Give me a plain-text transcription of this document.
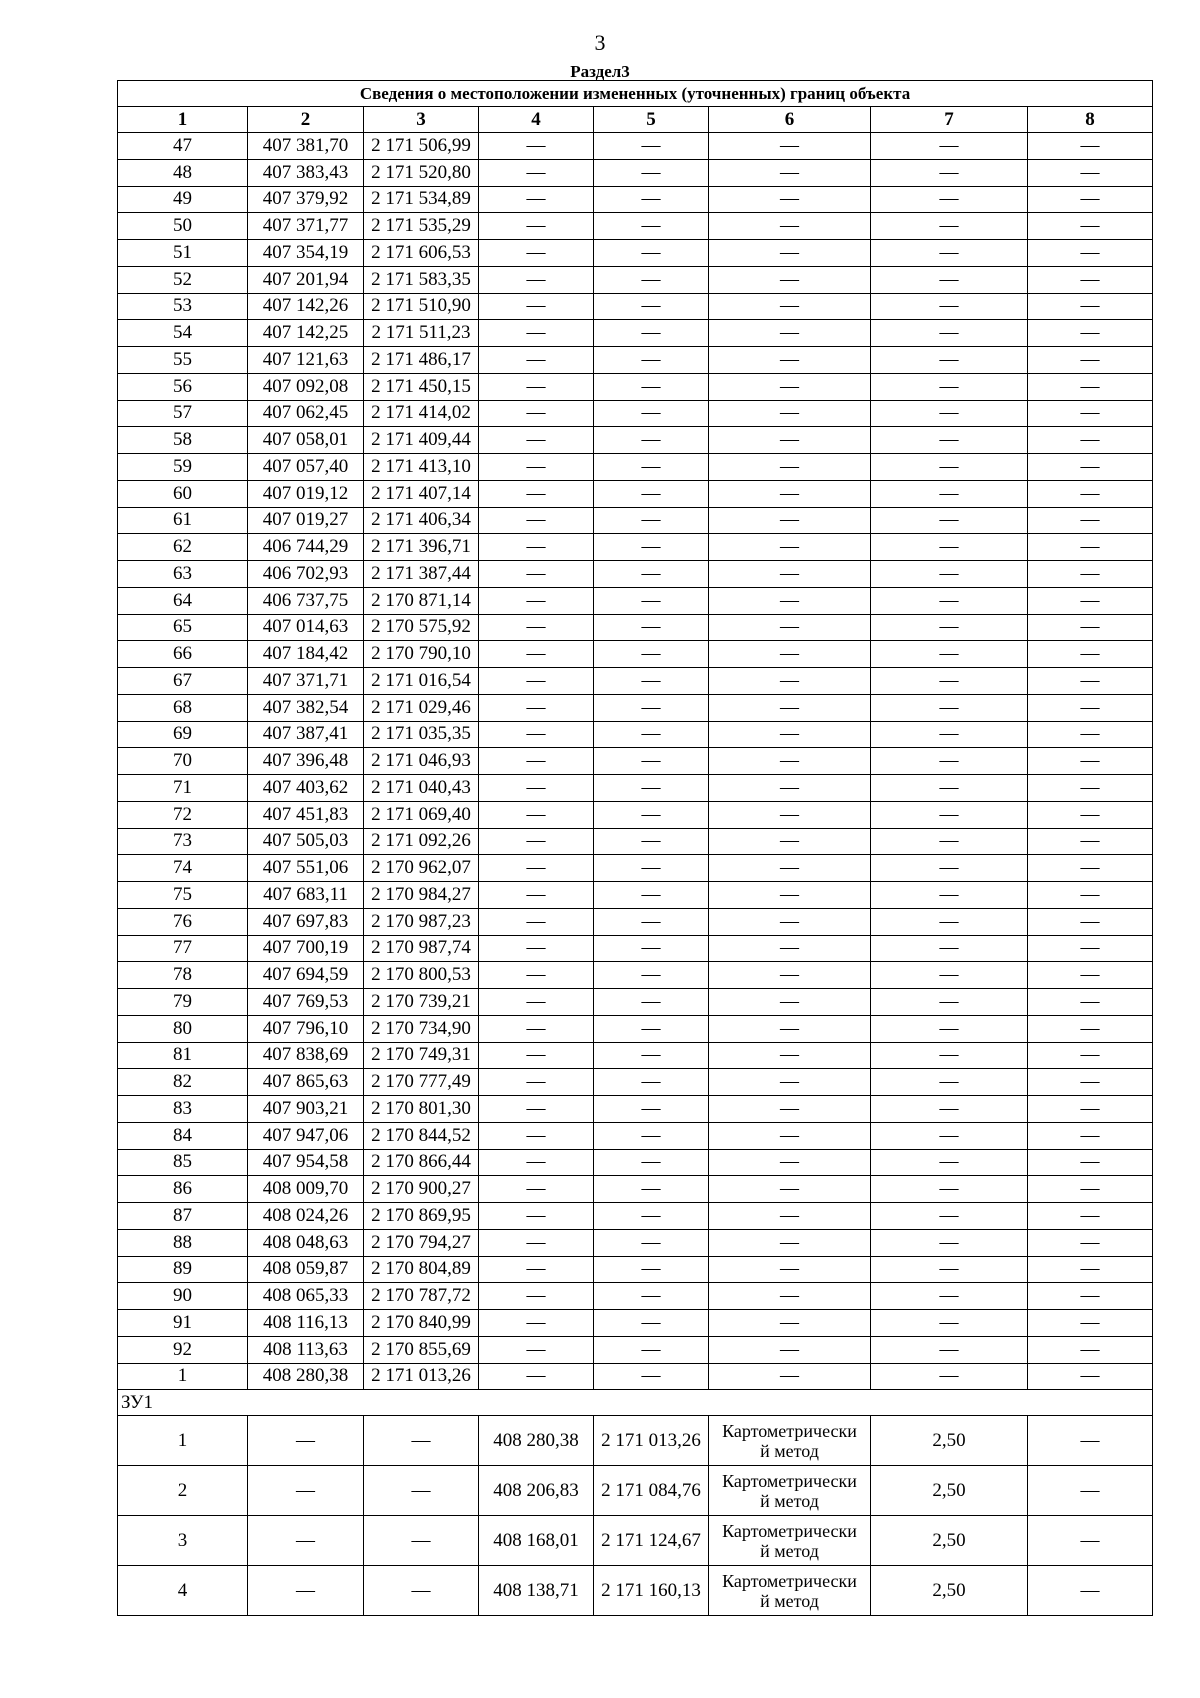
3
Раздел3
Сведения о местоположении измененных (уточненных) границ объекта							
1	2	3	4	5	6	7	8
47	407 381,70	2 171 506,99	—	—	—	—	—
48	407 383,43	2 171 520,80	—	—	—	—	—
49	407 379,92	2 171 534,89	—	—	—	—	—
50	407 371,77	2 171 535,29	—	—	—	—	—
51	407 354,19	2 171 606,53	—	—	—	—	—
52	407 201,94	2 171 583,35	—	—	—	—	—
53	407 142,26	2 171 510,90	—	—	—	—	—
54	407 142,25	2 171 511,23	—	—	—	—	—
55	407 121,63	2 171 486,17	—	—	—	—	—
56	407 092,08	2 171 450,15	—	—	—	—	—
57	407 062,45	2 171 414,02	—	—	—	—	—
58	407 058,01	2 171 409,44	—	—	—	—	—
59	407 057,40	2 171 413,10	—	—	—	—	—
60	407 019,12	2 171 407,14	—	—	—	—	—
61	407 019,27	2 171 406,34	—	—	—	—	—
62	406 744,29	2 171 396,71	—	—	—	—	—
63	406 702,93	2 171 387,44	—	—	—	—	—
64	406 737,75	2 170 871,14	—	—	—	—	—
65	407 014,63	2 170 575,92	—	—	—	—	—
66	407 184,42	2 170 790,10	—	—	—	—	—
67	407 371,71	2 171 016,54	—	—	—	—	—
68	407 382,54	2 171 029,46	—	—	—	—	—
69	407 387,41	2 171 035,35	—	—	—	—	—
70	407 396,48	2 171 046,93	—	—	—	—	—
71	407 403,62	2 171 040,43	—	—	—	—	—
72	407 451,83	2 171 069,40	—	—	—	—	—
73	407 505,03	2 171 092,26	—	—	—	—	—
74	407 551,06	2 170 962,07	—	—	—	—	—
75	407 683,11	2 170 984,27	—	—	—	—	—
76	407 697,83	2 170 987,23	—	—	—	—	—
77	407 700,19	2 170 987,74	—	—	—	—	—
78	407 694,59	2 170 800,53	—	—	—	—	—
79	407 769,53	2 170 739,21	—	—	—	—	—
80	407 796,10	2 170 734,90	—	—	—	—	—
81	407 838,69	2 170 749,31	—	—	—	—	—
82	407 865,63	2 170 777,49	—	—	—	—	—
83	407 903,21	2 170 801,30	—	—	—	—	—
84	407 947,06	2 170 844,52	—	—	—	—	—
85	407 954,58	2 170 866,44	—	—	—	—	—
86	408 009,70	2 170 900,27	—	—	—	—	—
87	408 024,26	2 170 869,95	—	—	—	—	—
88	408 048,63	2 170 794,27	—	—	—	—	—
89	408 059,87	2 170 804,89	—	—	—	—	—
90	408 065,33	2 170 787,72	—	—	—	—	—
91	408 116,13	2 170 840,99	—	—	—	—	—
92	408 113,63	2 170 855,69	—	—	—	—	—
1	408 280,38	2 171 013,26	—	—	—	—	—
ЗУ1							
1	—	—	408 280,38	2 171 013,26	Картометрически
й метод	2,50	—
2	—	—	408 206,83	2 171 084,76	Картометрически
й метод	2,50	—
3	—	—	408 168,01	2 171 124,67	Картометрически
й метод	2,50	—
4	—	—	408 138,71	2 171 160,13	Картометрически
й метод	2,50	—
